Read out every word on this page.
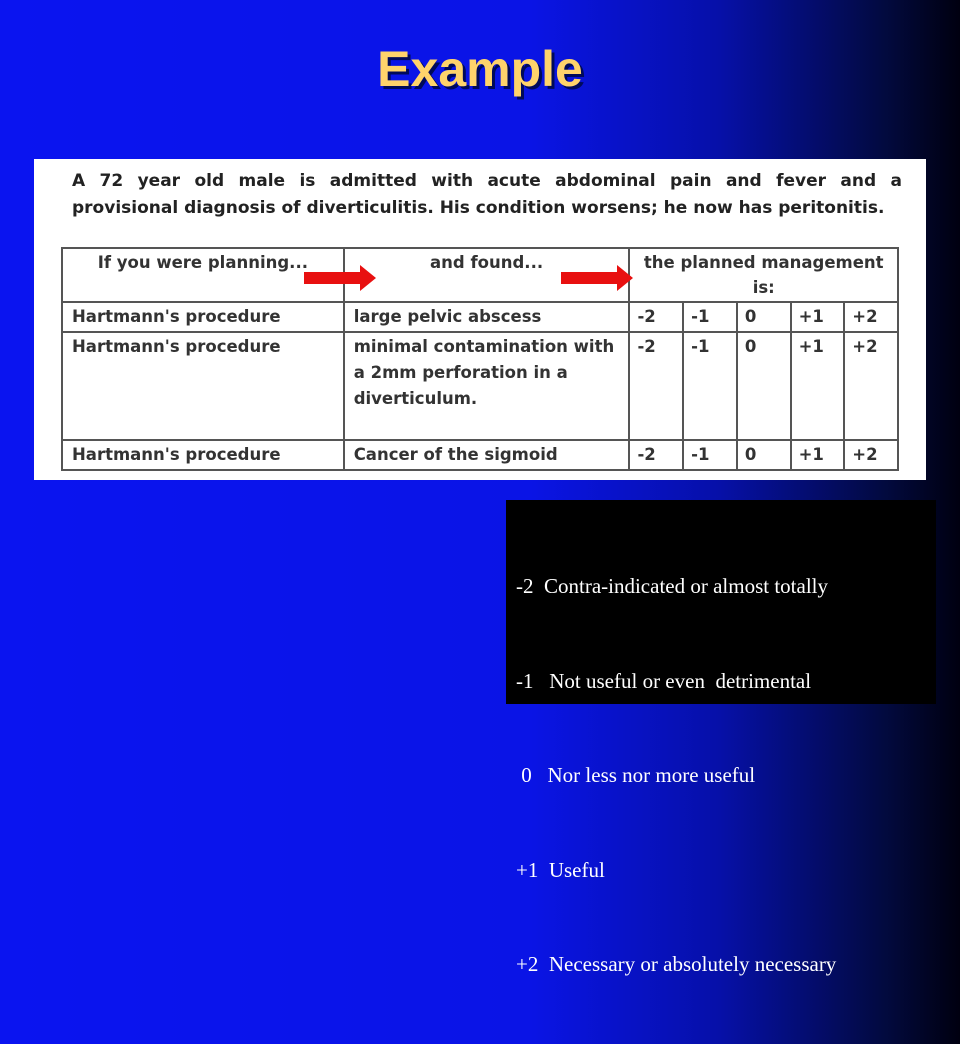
Example
A 72 year old male is admitted with acute abdominal pain and fever and a
provisional diagnosis of diverticulitis. His condition worsens; he now has peritonitis.
If you were planning...	and found...	the planned management is:				
Hartmann's procedure	large pelvic abscess	-2	-1	0	+1	+2
Hartmann's procedure	minimal contamination with a 2mm perforation in a diverticulum.	-2	-1	0	+1	+2
Hartmann's procedure	Cancer of the sigmoid	-2	-1	0	+1	+2

-2  Contra-indicated or almost totally

-1   Not useful or even  detrimental

0   Nor less nor more useful

+1  Useful

+2  Necessary or absolutely necessary
